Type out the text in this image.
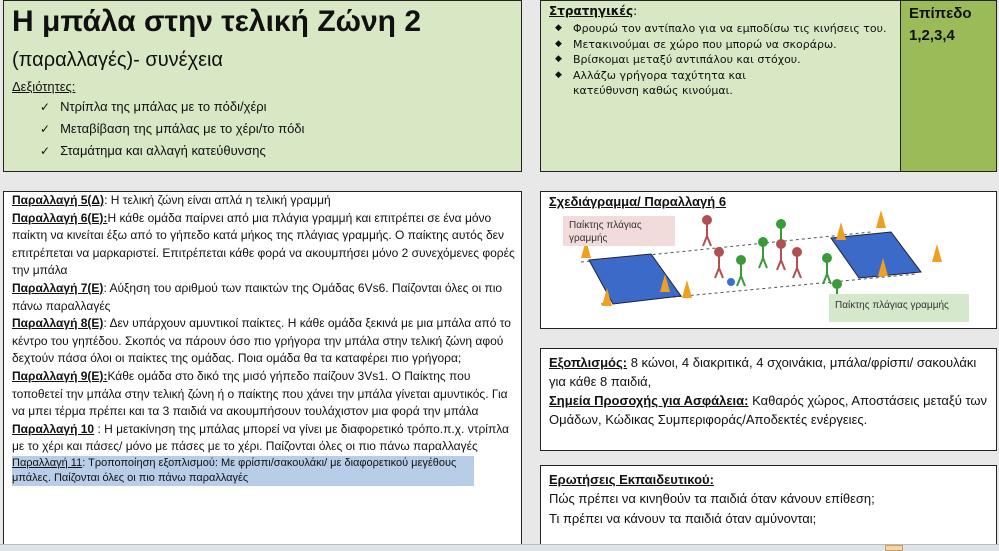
Η μπάλα στην τελική Ζώνη 2
(παραλλαγές)- συνέχεια
Δεξιότητες:
✓ Ντρίπλα της μπάλας με το πόδι/χέρι
✓ Μεταβίβαση της μπάλας με το χέρι/το πόδι
✓ Σταμάτημα και αλλαγή κατεύθυνσης
Στρατηγικές:
◆ Φρουρώ τον αντίπαλο για να εμποδίσω τις κινήσεις του.
◆ Μετακινούμαι σε χώρο που μπορώ να σκοράρω.
◆ Βρίσκομαι μεταξύ αντιπάλου και στόχου.
◆ Αλλάζω γρήγορα ταχύτητα και κατεύθυνση καθώς κινούμαι.
Επίπεδο
1,2,3,4

Παραλλαγή 5(Δ): Η τελική ζώνη είναι απλά η τελική γραμμή

Παραλλαγή 6(Ε):Η κάθε ομάδα παίρνει από μια πλάγια γραμμή και επιτρέπει σε ένα μόνο παίκτη να κινείται έξω από το γήπεδο κατά μήκος της πλάγιας γραμμής. Ο παίκτης αυτός δεν επιτρέπεται να μαρκαριστεί. Επιτρέπεται κάθε φορά να ακουμπήσει μόνο 2 συνεχόμενες φορές την μπάλα

Παραλλαγή 7(Ε): Αύξηση του αριθμού των παικτών της Ομάδας 6Vs6. Παίζονται όλες οι πιο πάνω παραλλαγές

Παραλλαγή 8(Ε): Δεν υπάρχουν αμυντικοί παίκτες. Η κάθε ομάδα ξεκινά με μια μπάλα από το κέντρο του γηπέδου. Σκοπός να πάρουν όσο πιο γρήγορα την μπάλα στην τελική ζώνη αφού δεχτούν πάσα όλοι οι παίκτες της ομάδας. Ποια ομάδα θα τα καταφέρει πιο γρήγορα;

Παραλλαγή 9(Ε):Κάθε ομάδα στο δικό της μισό γήπεδο παίζουν 3Vs1. Ο Παίκτης που τοποθετεί την μπάλα στην τελική ζώνη ή ο παίκτης που χάνει την μπάλα γίνεται αμυντικός. Για να μπει τέρμα πρέπει και τα 3 παιδιά να ακουμπήσουν τουλάχιστον μια φορά την μπάλα

Παραλλαγή 10 : Η μετακίνηση της μπάλας μπορεί να γίνει με διαφορετικό τρόπο.π.χ. ντρίπλα με το χέρι και πάσες/ μόνο με πάσες με το χέρι. Παίζονται όλες οι πιο πάνω παραλλαγές

Παραλλαγή 11: Τροποποίηση εξοπλισμού: Με φρίσπι/σακουλάκι/ με διαφορετικού μεγέθους μπάλες. Παίζονται όλες οι πιο πάνω παραλλαγές

Σχεδιάγραμμα/ Παραλλαγή 6
Παίκτης πλάγιας γραμμής
Παίκτης πλάγιας γραμμής
Εξοπλισμός: 8 κώνοι, 4 διακριτικά, 4 σχοινάκια, μπάλα/φρίσπι/ σακουλάκι για κάθε 8 παιδιά,
Σημεία Προσοχής για Ασφάλεια: Καθαρός χώρος, Αποστάσεις μεταξύ των Ομάδων, Κώδικας Συμπεριφοράς/Αποδεκτές ενέργειες.
Ερωτήσεις Εκπαιδευτικού:
Πώς πρέπει να κινηθούν τα παιδιά όταν κάνουν επίθεση;
Τι πρέπει να κάνουν τα παιδιά όταν αμύνονται;
